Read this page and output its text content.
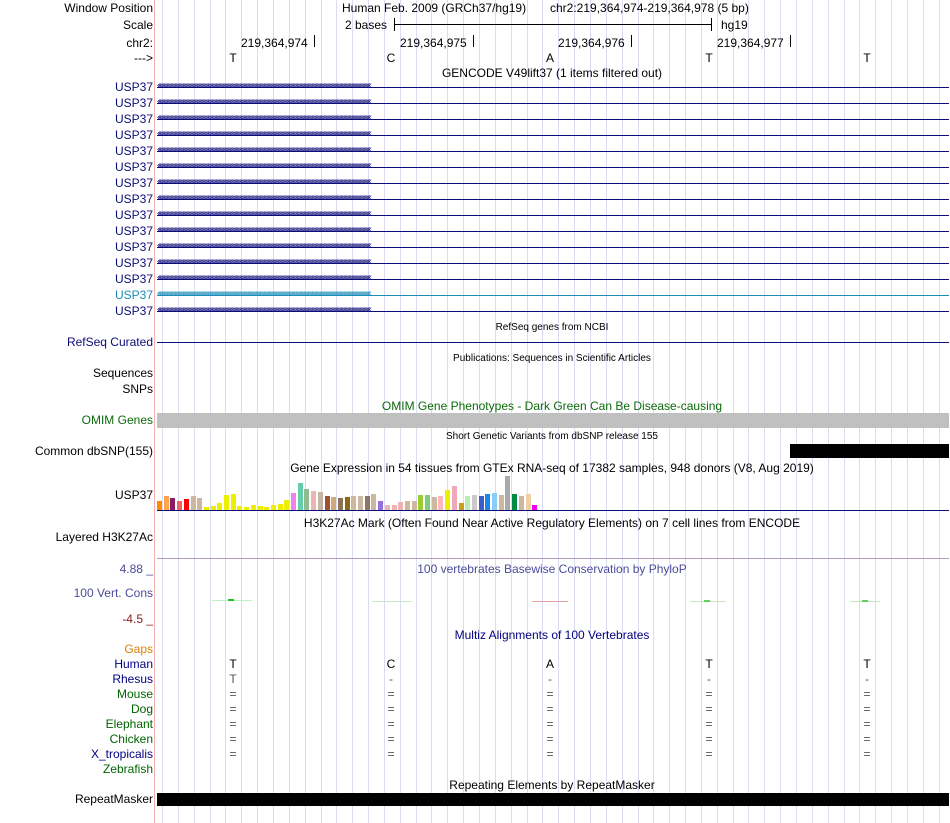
Window Position	Human Feb. 2009 (GRCh37/hg19) chr2:219,364,974-219,364,978 (5 bp)
Scale	2 bases	hg19
chr2:	219,364,974	219,364,975	219,364,976	219,364,977
--->	T	C	A	T	T
GENCODE V49lift37 (1 items filtered out)
USP37 ‹‹‹‹‹‹‹‹‹‹‹‹‹‹‹‹‹‹‹‹‹‹‹‹‹‹‹‹‹‹‹‹‹‹‹‹‹‹‹‹‹‹‹‹‹‹‹‹‹‹‹‹‹‹‹‹‹‹‹‹‹‹‹‹‹‹‹‹‹‹‹‹‹‹‹‹‹‹‹‹‹‹‹‹‹‹‹‹‹‹‹‹‹‹‹‹‹‹‹‹‹‹‹‹‹‹‹‹‹‹‹‹‹‹‹‹‹‹‹‹‹‹‹‹‹‹‹‹‹‹‹‹‹‹‹‹‹‹‹‹‹‹‹‹‹‹‹‹‹‹‹‹‹‹‹‹‹‹‹‹
USP37 ‹‹‹‹‹‹‹‹‹‹‹‹‹‹‹‹‹‹‹‹‹‹‹‹‹‹‹‹‹‹‹‹‹‹‹‹‹‹‹‹‹‹‹‹‹‹‹‹‹‹‹‹‹‹‹‹‹‹‹‹‹‹‹‹‹‹‹‹‹‹‹‹‹‹‹‹‹‹‹‹‹‹‹‹‹‹‹‹‹‹‹‹‹‹‹‹‹‹‹‹‹‹‹‹‹‹‹‹‹‹‹‹‹‹‹‹‹‹‹‹‹‹‹‹‹‹‹‹‹‹‹‹‹‹‹‹‹‹‹‹‹‹‹‹‹‹‹‹‹‹‹‹‹‹‹‹‹‹‹‹
USP37 ‹‹‹‹‹‹‹‹‹‹‹‹‹‹‹‹‹‹‹‹‹‹‹‹‹‹‹‹‹‹‹‹‹‹‹‹‹‹‹‹‹‹‹‹‹‹‹‹‹‹‹‹‹‹‹‹‹‹‹‹‹‹‹‹‹‹‹‹‹‹‹‹‹‹‹‹‹‹‹‹‹‹‹‹‹‹‹‹‹‹‹‹‹‹‹‹‹‹‹‹‹‹‹‹‹‹‹‹‹‹‹‹‹‹‹‹‹‹‹‹‹‹‹‹‹‹‹‹‹‹‹‹‹‹‹‹‹‹‹‹‹‹‹‹‹‹‹‹‹‹‹‹‹‹‹‹‹‹‹‹
USP37 ‹‹‹‹‹‹‹‹‹‹‹‹‹‹‹‹‹‹‹‹‹‹‹‹‹‹‹‹‹‹‹‹‹‹‹‹‹‹‹‹‹‹‹‹‹‹‹‹‹‹‹‹‹‹‹‹‹‹‹‹‹‹‹‹‹‹‹‹‹‹‹‹‹‹‹‹‹‹‹‹‹‹‹‹‹‹‹‹‹‹‹‹‹‹‹‹‹‹‹‹‹‹‹‹‹‹‹‹‹‹‹‹‹‹‹‹‹‹‹‹‹‹‹‹‹‹‹‹‹‹‹‹‹‹‹‹‹‹‹‹‹‹‹‹‹‹‹‹‹‹‹‹‹‹‹‹‹‹‹‹
USP37 ‹‹‹‹‹‹‹‹‹‹‹‹‹‹‹‹‹‹‹‹‹‹‹‹‹‹‹‹‹‹‹‹‹‹‹‹‹‹‹‹‹‹‹‹‹‹‹‹‹‹‹‹‹‹‹‹‹‹‹‹‹‹‹‹‹‹‹‹‹‹‹‹‹‹‹‹‹‹‹‹‹‹‹‹‹‹‹‹‹‹‹‹‹‹‹‹‹‹‹‹‹‹‹‹‹‹‹‹‹‹‹‹‹‹‹‹‹‹‹‹‹‹‹‹‹‹‹‹‹‹‹‹‹‹‹‹‹‹‹‹‹‹‹‹‹‹‹‹‹‹‹‹‹‹‹‹‹‹‹‹
USP37 ‹‹‹‹‹‹‹‹‹‹‹‹‹‹‹‹‹‹‹‹‹‹‹‹‹‹‹‹‹‹‹‹‹‹‹‹‹‹‹‹‹‹‹‹‹‹‹‹‹‹‹‹‹‹‹‹‹‹‹‹‹‹‹‹‹‹‹‹‹‹‹‹‹‹‹‹‹‹‹‹‹‹‹‹‹‹‹‹‹‹‹‹‹‹‹‹‹‹‹‹‹‹‹‹‹‹‹‹‹‹‹‹‹‹‹‹‹‹‹‹‹‹‹‹‹‹‹‹‹‹‹‹‹‹‹‹‹‹‹‹‹‹‹‹‹‹‹‹‹‹‹‹‹‹‹‹‹‹‹‹
USP37 ‹‹‹‹‹‹‹‹‹‹‹‹‹‹‹‹‹‹‹‹‹‹‹‹‹‹‹‹‹‹‹‹‹‹‹‹‹‹‹‹‹‹‹‹‹‹‹‹‹‹‹‹‹‹‹‹‹‹‹‹‹‹‹‹‹‹‹‹‹‹‹‹‹‹‹‹‹‹‹‹‹‹‹‹‹‹‹‹‹‹‹‹‹‹‹‹‹‹‹‹‹‹‹‹‹‹‹‹‹‹‹‹‹‹‹‹‹‹‹‹‹‹‹‹‹‹‹‹‹‹‹‹‹‹‹‹‹‹‹‹‹‹‹‹‹‹‹‹‹‹‹‹‹‹‹‹‹‹‹‹
USP37 ‹‹‹‹‹‹‹‹‹‹‹‹‹‹‹‹‹‹‹‹‹‹‹‹‹‹‹‹‹‹‹‹‹‹‹‹‹‹‹‹‹‹‹‹‹‹‹‹‹‹‹‹‹‹‹‹‹‹‹‹‹‹‹‹‹‹‹‹‹‹‹‹‹‹‹‹‹‹‹‹‹‹‹‹‹‹‹‹‹‹‹‹‹‹‹‹‹‹‹‹‹‹‹‹‹‹‹‹‹‹‹‹‹‹‹‹‹‹‹‹‹‹‹‹‹‹‹‹‹‹‹‹‹‹‹‹‹‹‹‹‹‹‹‹‹‹‹‹‹‹‹‹‹‹‹‹‹‹‹‹
USP37 ‹‹‹‹‹‹‹‹‹‹‹‹‹‹‹‹‹‹‹‹‹‹‹‹‹‹‹‹‹‹‹‹‹‹‹‹‹‹‹‹‹‹‹‹‹‹‹‹‹‹‹‹‹‹‹‹‹‹‹‹‹‹‹‹‹‹‹‹‹‹‹‹‹‹‹‹‹‹‹‹‹‹‹‹‹‹‹‹‹‹‹‹‹‹‹‹‹‹‹‹‹‹‹‹‹‹‹‹‹‹‹‹‹‹‹‹‹‹‹‹‹‹‹‹‹‹‹‹‹‹‹‹‹‹‹‹‹‹‹‹‹‹‹‹‹‹‹‹‹‹‹‹‹‹‹‹‹‹‹‹
USP37 ‹‹‹‹‹‹‹‹‹‹‹‹‹‹‹‹‹‹‹‹‹‹‹‹‹‹‹‹‹‹‹‹‹‹‹‹‹‹‹‹‹‹‹‹‹‹‹‹‹‹‹‹‹‹‹‹‹‹‹‹‹‹‹‹‹‹‹‹‹‹‹‹‹‹‹‹‹‹‹‹‹‹‹‹‹‹‹‹‹‹‹‹‹‹‹‹‹‹‹‹‹‹‹‹‹‹‹‹‹‹‹‹‹‹‹‹‹‹‹‹‹‹‹‹‹‹‹‹‹‹‹‹‹‹‹‹‹‹‹‹‹‹‹‹‹‹‹‹‹‹‹‹‹‹‹‹‹‹‹‹
USP37 ‹‹‹‹‹‹‹‹‹‹‹‹‹‹‹‹‹‹‹‹‹‹‹‹‹‹‹‹‹‹‹‹‹‹‹‹‹‹‹‹‹‹‹‹‹‹‹‹‹‹‹‹‹‹‹‹‹‹‹‹‹‹‹‹‹‹‹‹‹‹‹‹‹‹‹‹‹‹‹‹‹‹‹‹‹‹‹‹‹‹‹‹‹‹‹‹‹‹‹‹‹‹‹‹‹‹‹‹‹‹‹‹‹‹‹‹‹‹‹‹‹‹‹‹‹‹‹‹‹‹‹‹‹‹‹‹‹‹‹‹‹‹‹‹‹‹‹‹‹‹‹‹‹‹‹‹‹‹‹‹
USP37 ‹‹‹‹‹‹‹‹‹‹‹‹‹‹‹‹‹‹‹‹‹‹‹‹‹‹‹‹‹‹‹‹‹‹‹‹‹‹‹‹‹‹‹‹‹‹‹‹‹‹‹‹‹‹‹‹‹‹‹‹‹‹‹‹‹‹‹‹‹‹‹‹‹‹‹‹‹‹‹‹‹‹‹‹‹‹‹‹‹‹‹‹‹‹‹‹‹‹‹‹‹‹‹‹‹‹‹‹‹‹‹‹‹‹‹‹‹‹‹‹‹‹‹‹‹‹‹‹‹‹‹‹‹‹‹‹‹‹‹‹‹‹‹‹‹‹‹‹‹‹‹‹‹‹‹‹‹‹‹‹
USP37 ‹‹‹‹‹‹‹‹‹‹‹‹‹‹‹‹‹‹‹‹‹‹‹‹‹‹‹‹‹‹‹‹‹‹‹‹‹‹‹‹‹‹‹‹‹‹‹‹‹‹‹‹‹‹‹‹‹‹‹‹‹‹‹‹‹‹‹‹‹‹‹‹‹‹‹‹‹‹‹‹‹‹‹‹‹‹‹‹‹‹‹‹‹‹‹‹‹‹‹‹‹‹‹‹‹‹‹‹‹‹‹‹‹‹‹‹‹‹‹‹‹‹‹‹‹‹‹‹‹‹‹‹‹‹‹‹‹‹‹‹‹‹‹‹‹‹‹‹‹‹‹‹‹‹‹‹‹‹‹‹
USP37 ‹‹‹‹‹‹‹‹‹‹‹‹‹‹‹‹‹‹‹‹‹‹‹‹‹‹‹‹‹‹‹‹‹‹‹‹‹‹‹‹‹‹‹‹‹‹‹‹‹‹‹‹‹‹‹‹‹‹‹‹‹‹‹‹‹‹‹‹‹‹‹‹‹‹‹‹‹‹‹‹‹‹‹‹‹‹‹‹‹‹‹‹‹‹‹‹‹‹‹‹‹‹‹‹‹‹‹‹‹‹‹‹‹‹‹‹‹‹‹‹‹‹‹‹‹‹‹‹‹‹‹‹‹‹‹‹‹‹‹‹‹‹‹‹‹‹‹‹‹‹‹‹‹‹‹‹‹‹‹‹
USP37 ‹‹‹‹‹‹‹‹‹‹‹‹‹‹‹‹‹‹‹‹‹‹‹‹‹‹‹‹‹‹‹‹‹‹‹‹‹‹‹‹‹‹‹‹‹‹‹‹‹‹‹‹‹‹‹‹‹‹‹‹‹‹‹‹‹‹‹‹‹‹‹‹‹‹‹‹‹‹‹‹‹‹‹‹‹‹‹‹‹‹‹‹‹‹‹‹‹‹‹‹‹‹‹‹‹‹‹‹‹‹‹‹‹‹‹‹‹‹‹‹‹‹‹‹‹‹‹‹‹‹‹‹‹‹‹‹‹‹‹‹‹‹‹‹‹‹‹‹‹‹‹‹‹‹‹‹‹‹‹‹
RefSeq genes from NCBI
RefSeq Curated
Publications: Sequences in Scientific Articles
Sequences
SNPs
OMIM Gene Phenotypes - Dark Green Can Be Disease-causing
OMIM Genes
Short Genetic Variants from dbSNP release 155
Common dbSNP(155)
Gene Expression in 54 tissues from GTEx RNA-seq of 17382 samples, 948 donors (V8, Aug 2019)
USP37
H3K27Ac Mark (Often Found Near Active Regulatory Elements) on 7 cell lines from ENCODE
Layered H3K27Ac
100 vertebrates Basewise Conservation by PhyloP
4.88 _
100 Vert. Cons
-4.5 _
Multiz Alignments of 100 Vertebrates
Gaps
Human	T	C	A	T	T
Rhesus	T	-	-	-	-
Mouse	=	=	=	=	=
Dog	=	=	=	=	=
Elephant	=	=	=	=	=
Chicken	=	=	=	=	=
X_tropicalis	=	=	=	=	=
Zebrafish
Repeating Elements by RepeatMasker
RepeatMasker
